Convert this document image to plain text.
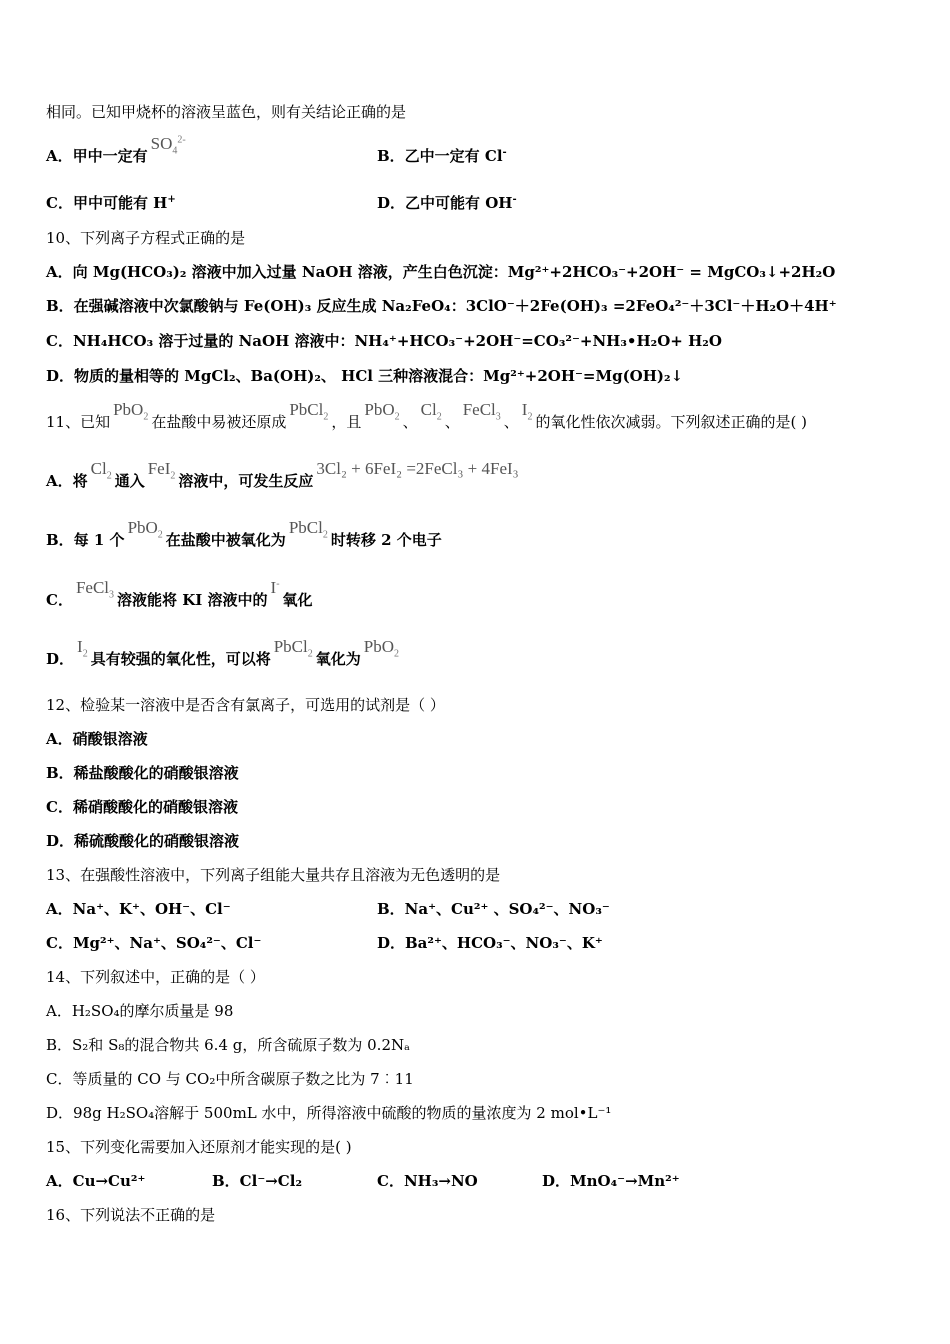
相同。已知甲烧杯的溶液呈蓝色，则有关结论正确的是
A．甲中一定有$SO_4^{2-}$
B．乙中一定有 Cl-
C．甲中可能有 H+	D．乙中可能有 OH-
10、下列离子方程式正确的是
A．向 Mg(HCO₃)₂ 溶液中加入过量 NaOH 溶液，产生白色沉淀：Mg²⁺+2HCO₃⁻+2OH⁻ = MgCO₃↓+2H₂O
B．在强碱溶液中次氯酸钠与 Fe(OH)₃ 反应生成 Na₂FeO₄：3ClO⁻＋2Fe(OH)₃ =2FeO₄²⁻＋3Cl⁻＋H₂O＋4H⁺
C．NH₄HCO₃ 溶于过量的 NaOH 溶液中：NH₄⁺+HCO₃⁻+2OH⁻=CO₃²⁻+NH₃•H₂O+ H₂O
D．物质的量相等的 MgCl₂、Ba(OH)₂、 HCl 三种溶液混合：Mg²⁺+2OH⁻=Mg(OH)₂↓
11、已知PbO$_2$ 在盐酸中易被还原成PbCl$_2$ ，且PbO$_2$ 、$Cl_2$ 、FeCl$_3$ 、$I_2$ 的氧化性依次减弱。下列叙述正确的是( )
A．将$Cl_2$ 通入FeI$_2$ 溶液中，可发生反应3Cl₂ + 6FeI₂ =2FeCl₃ + 4FeI₃
B．每 1 个PbO$_2$ 在盐酸中被氧化为PbCl$_2$ 时转移 2 个电子
C．FeCl$_3$ 溶液能将 KI 溶液中的I-氧化
D．$I_2$ 具有较强的氧化性，可以将PbCl$_2$ 氧化为PbO$_2$
12、检验某一溶液中是否含有氯离子，可选用的试剂是（ ）
A．硝酸银溶液
B．稀盐酸酸化的硝酸银溶液
C．稀硝酸酸化的硝酸银溶液
D．稀硫酸酸化的硝酸银溶液
13、在强酸性溶液中，下列离子组能大量共存且溶液为无色透明的是
A．Na⁺、K⁺、OH⁻、Cl⁻	B．Na⁺、Cu²⁺ 、SO₄²⁻、NO₃⁻
C．Mg²⁺、Na⁺、SO₄²⁻、Cl⁻	D．Ba²⁺、HCO₃⁻、NO₃⁻、K⁺
14、下列叙述中，正确的是（ ）
A．H₂SO₄的摩尔质量是 98
B．S₂和 S₈的混合物共 6.4 g，所含硫原子数为 0.2Nₐ
C．等质量的 CO 与 CO₂中所含碳原子数之比为 7︰11
D．98g H₂SO₄溶解于 500mL 水中，所得溶液中硫酸的物质的量浓度为 2 mol•L⁻¹
15、下列变化需要加入还原剂才能实现的是( )
A．Cu→Cu²⁺	B．Cl⁻→Cl₂	C．NH₃→NO	D．MnO₄⁻→Mn²⁺
16、下列说法不正确的是
